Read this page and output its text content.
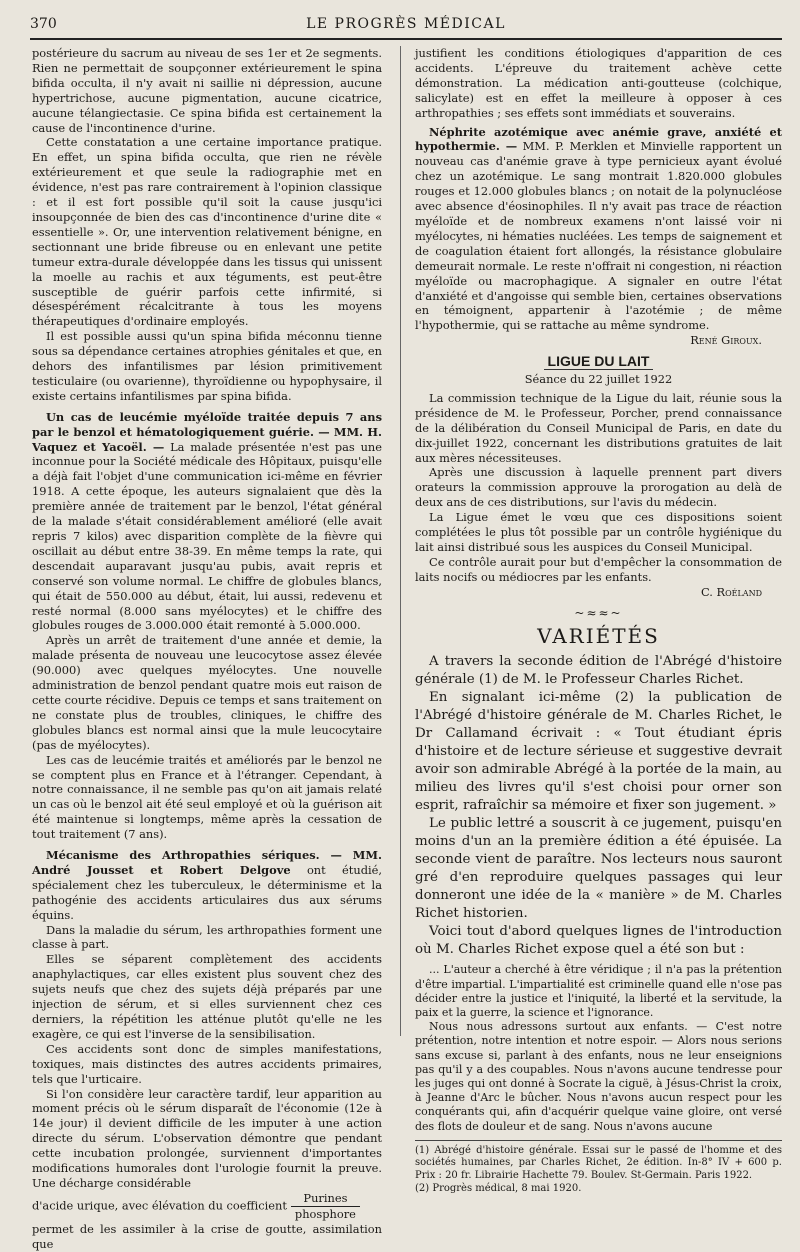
370	LE PROGRÈS MÉDICAL

postérieure du sacrum au niveau de ses 1er et 2e segments. Rien ne permettait de soupçonner extérieurement le spina bifida occulta, il n'y avait ni saillie ni dépression, aucune hypertrichose, aucune pigmentation, aucune cicatrice, aucune télangiectasie. Ce spina bifida est certainement la cause de l'incontinence d'urine.

Cette constatation a une certaine importance pratique. En effet, un spina bifida occulta, que rien ne révèle extérieurement et que seule la radiographie met en évidence, n'est pas rare contrairement à l'opinion classique : et il est fort possible qu'il soit la cause jusqu'ici insoupçonnée de bien des cas d'incontinence d'urine dite « essentielle ». Or, une intervention relativement bénigne, en sectionnant une bride fibreuse ou en enlevant une petite tumeur extra-durale développée dans les tissus qui unissent la moelle au rachis et aux téguments, est peut-être susceptible de guérir parfois cette infirmité, si désespérément récalcitrante à tous les moyens thérapeutiques d'ordinaire employés.

Il est possible aussi qu'un spina bifida méconnu tienne sous sa dépendance certaines atrophies génitales et que, en dehors des infantilismes par lésion primitivement testiculaire (ou ovarienne), thyroïdienne ou hypophysaire, il existe certains infantilismes par spina bifida.

Un cas de leucémie myéloïde traitée depuis 7 ans par le benzol et hématologiquement guérie. — MM. H. Vaquez et Yacoël. — La malade présentée n'est pas une inconnue pour la Société médicale des Hôpitaux, puisqu'elle a déjà fait l'objet d'une communication ici-même en février 1918. A cette époque, les auteurs signalaient que dès la première année de traitement par le benzol, l'état général de la malade s'était considérablement amélioré (elle avait repris 7 kilos) avec disparition complète de la fièvre qui oscillait au début entre 38-39. En même temps la rate, qui descendait auparavant jusqu'au pubis, avait repris et conservé son volume normal. Le chiffre de globules blancs, qui était de 550.000 au début, était, lui aussi, redevenu et resté normal (8.000 sans myélocytes) et le chiffre des globules rouges de 3.000.000 était remonté à 5.000.000.

Après un arrêt de traitement d'une année et demie, la malade présenta de nouveau une leucocytose assez élevée (90.000) avec quelques myélocytes. Une nouvelle administration de benzol pendant quatre mois eut raison de cette courte récidive. Depuis ce temps et sans traitement on ne constate plus de troubles, cliniques, le chiffre des globules blancs est normal ainsi que la mule leucocytaire (pas de myélocytes).

Les cas de leucémie traités et améliorés par le benzol ne se comptent plus en France et à l'étranger. Cependant, à notre connaissance, il ne semble pas qu'on ait jamais relaté un cas où le benzol ait été seul employé et où la guérison ait été maintenue si longtemps, même après la cessation de tout traitement (7 ans).

Mécanisme des Arthropathies sériques. — MM. André Jousset et Robert Delgove ont étudié, spécialement chez les tuberculeux, le déterminisme et la pathogénie des accidents articulaires dus aux sérums équins.

Dans la maladie du sérum, les arthropathies forment une classe à part.

Elles se séparent complètement des accidents anaphylactiques, car elles existent plus souvent chez des sujets neufs que chez des sujets déjà préparés par une injection de sérum, et si elles surviennent chez ces derniers, la répétition les atténue plutôt qu'elle ne les exagère, ce qui est l'inverse de la sensibilisation.

Ces accidents sont donc de simples manifestations, toxiques, mais distinctes des autres accidents primaires, tels que l'urticaire.

Si l'on considère leur caractère tardif, leur apparition au moment précis où le sérum disparaît de l'économie (12e à 14e jour) il devient difficile de les imputer à une action directe du sérum. L'observation démontre que pendant cette incubation prolongée, surviennent d'importantes modifications humorales dont l'urologie fournit la preuve. Une décharge considérable

d'acide urique, avec élévation du coefficient $\frac{\text{Purines}}{\text{phosphore}}$

permet de les assimiler à la crise de goutte, assimilation que

justifient les conditions étiologiques d'apparition de ces accidents. L'épreuve du traitement achève cette démonstration. La médication anti-goutteuse (colchique, salicylate) est en effet la meilleure à opposer à ces arthropathies ; ses effets sont immédiats et souverains.

Néphrite azotémique avec anémie grave, anxiété et hypothermie. — MM. P. Merklen et Minvielle rapportent un nouveau cas d'anémie grave à type pernicieux ayant évolué chez un azotémique. Le sang montrait 1.820.000 globules rouges et 12.000 globules blancs ; on notait de la polynucléose avec absence d'éosinophiles. Il n'y avait pas trace de réaction myéloïde et de nombreux examens n'ont laissé voir ni myélocytes, ni hématies nucléées. Les temps de saignement et de coagulation étaient fort allongés, la résistance globulaire demeurait normale. Le reste n'offrait ni congestion, ni réaction myéloïde ou macrophagique. A signaler en outre l'état d'anxiété et d'angoisse qui semble bien, certaines observations en témoignent, appartenir à l'azotémie ; de même l'hypothermie, qui se rattache au même syndrome.

René Giroux.
LIGUE DU LAIT
Séance du 22 juillet 1922

La commission technique de la Ligue du lait, réunie sous la présidence de M. le Professeur, Porcher, prend connaissance de la délibération du Conseil Municipal de Paris, en date du dix-juillet 1922, concernant les distributions gratuites de lait aux mères nécessiteuses.

Après une discussion à laquelle prennent part divers orateurs la commission approuve la prorogation au delà de deux ans de ces distributions, sur l'avis du médecin.

La Ligue émet le vœu que ces dispositions soient complétées le plus tôt possible par un contrôle hygiénique du lait ainsi distribué sous les auspices du Conseil Municipal.

Ce contrôle aurait pour but d'empêcher la consommation de laits nocifs ou médiocres par les enfants.

C. Roéland
~≈≈~
VARIÉTÉS

A travers la seconde édition de l'Abrégé d'histoire générale (1) de M. le Professeur Charles Richet.

En signalant ici-même (2) la publication de l'Abrégé d'histoire générale de M. Charles Richet, le Dr Callamand écrivait : « Tout étudiant épris d'histoire et de lecture sérieuse et suggestive devrait avoir son admirable Abrégé à la portée de la main, au milieu des livres qu'il s'est choisi pour orner son esprit, rafraîchir sa mémoire et fixer son jugement. »

Le public lettré a souscrit à ce jugement, puisqu'en moins d'un an la première édition a été épuisée. La seconde vient de paraître. Nos lecteurs nous sauront gré d'en reproduire quelques passages qui leur donneront une idée de la « manière » de M. Charles Richet historien.

Voici tout d'abord quelques lignes de l'introduction où M. Charles Richet expose quel a été son but :

... L'auteur a cherché à être véridique ; il n'a pas la prétention d'être impartial. L'impartialité est criminelle quand elle n'ose pas décider entre la justice et l'iniquité, la liberté et la servitude, la paix et la guerre, la science et l'ignorance.

Nous nous adressons surtout aux enfants. — C'est notre prétention, notre intention et notre espoir. — Alors nous serions sans excuse si, parlant à des enfants, nous ne leur enseignions pas qu'il y a des coupables. Nous n'avons aucune tendresse pour les juges qui ont donné à Socrate la ciguë, à Jésus-Christ la croix, à Jeanne d'Arc le bûcher. Nous n'avons aucun respect pour les conquérants qui, afin d'acquérir quelque vaine gloire, ont versé des flots de douleur et de sang. Nous n'avons aucune

(1) Abrégé d'histoire générale. Essai sur le passé de l'homme et des sociétés humaines, par Charles Richet, 2e édition. In-8° IV + 600 p. Prix : 20 fr. Librairie Hachette 79. Boulev. St-Germain. Paris 1922.
(2) Progrès médical, 8 mai 1920.
